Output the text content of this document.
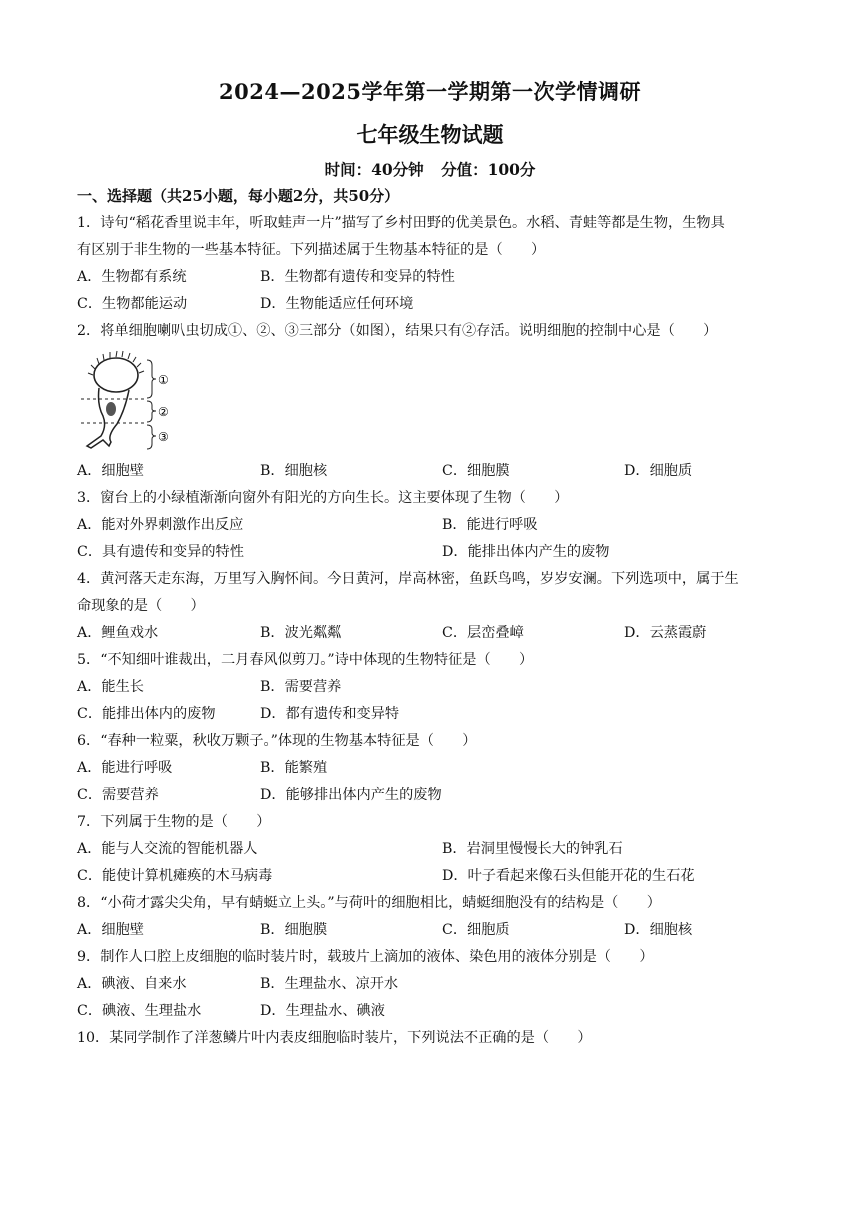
2024—2025学年第一学期第一次学情调研
七年级生物试题
时间：40分钟 分值：100分
一、选择题（共25小题，每小题2分，共50分）
1．诗句“稻花香里说丰年，听取蛙声一片”描写了乡村田野的优美景色。水稻、青蛙等都是生物，生物具
有区别于非生物的一些基本特征。下列描述属于生物基本特征的是（　　）
A．生物都有系统	B．生物都有遗传和变异的特性
C．生物都能运动	D．生物能适应任何环境
2．将单细胞喇叭虫切成①、②、③三部分（如图），结果只有②存活。说明细胞的控制中心是（　　）
①
②
③
A．细胞壁	B．细胞核	C．细胞膜	D．细胞质
3．窗台上的小绿植渐渐向窗外有阳光的方向生长。这主要体现了生物（　　）
A．能对外界刺激作出反应	B．能进行呼吸
C．具有遗传和变异的特性	D．能排出体内产生的废物
4．黄河落天走东海，万里写入胸怀间。今日黄河，岸高林密，鱼跃鸟鸣，岁岁安澜。下列选项中，属于生
命现象的是（　　）
A．鲤鱼戏水	B．波光粼粼	C．层峦叠嶂	D．云蒸霞蔚
5．“不知细叶谁裁出，二月春风似剪刀。”诗中体现的生物特征是（　　）
A．能生长	B．需要营养
C．能排出体内的废物	D．都有遗传和变异特
6．“春种一粒粟，秋收万颗子。”体现的生物基本特征是（　　）
A．能进行呼吸	B．能繁殖
C．需要营养	D．能够排出体内产生的废物
7．下列属于生物的是（　　）
A．能与人交流的智能机器人	B．岩洞里慢慢长大的钟乳石
C．能使计算机瘫痪的木马病毒	D．叶子看起来像石头但能开花的生石花
8．“小荷才露尖尖角，早有蜻蜓立上头。”与荷叶的细胞相比，蜻蜓细胞没有的结构是（　　）
A．细胞壁	B．细胞膜	C．细胞质	D．细胞核
9．制作人口腔上皮细胞的临时装片时，载玻片上滴加的液体、染色用的液体分别是（　　）
A．碘液、自来水	B．生理盐水、凉开水
C．碘液、生理盐水	D．生理盐水、碘液
10．某同学制作了洋葱鳞片叶内表皮细胞临时装片，下列说法不正确的是（　　）
